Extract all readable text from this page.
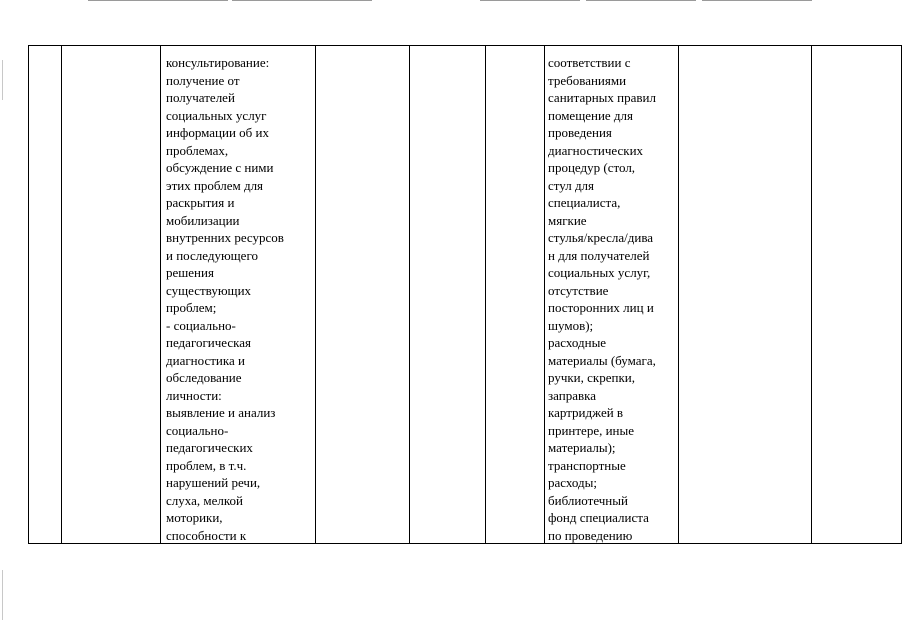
консультирование:
получение от
получателей
социальных услуг
информации об их
проблемах,
обсуждение с ними
этих проблем для
раскрытия и
мобилизации
внутренних ресурсов
и последующего
решения
существующих
проблем;
- социально-
педагогическая
диагностика и
обследование
личности:
выявление и анализ
социально-
педагогических
проблем, в т.ч.
нарушений речи,
слуха, мелкой
моторики,
способности к
соответствии с
требованиями
санитарных правил
помещение для
проведения
диагностических
процедур (стол,
стул для
специалиста,
мягкие
стулья/кресла/дива
н для получателей
социальных услуг,
отсутствие
посторонних лиц и
шумов);
расходные
материалы (бумага,
ручки, скрепки,
заправка
картриджей в
принтере, иные
материалы);
транспортные
расходы;
библиотечный
фонд специалиста
по проведению
